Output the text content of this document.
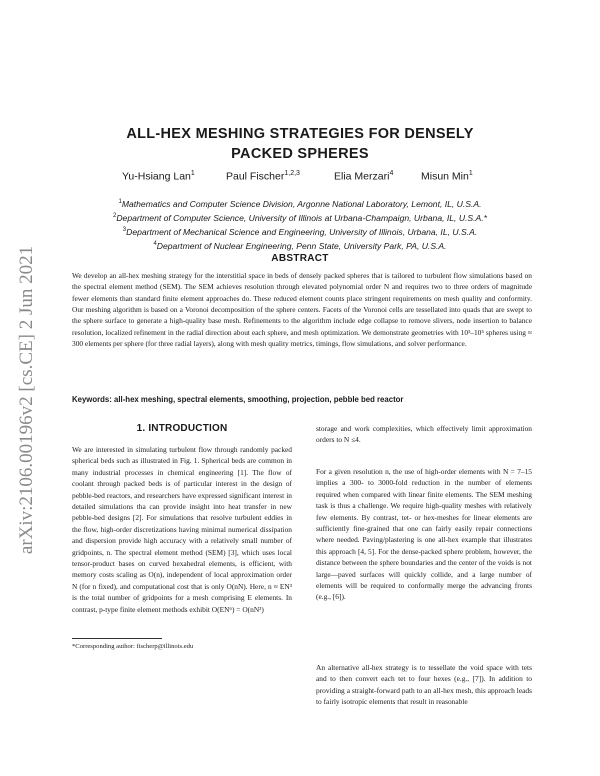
arXiv:2106.00196v2 [cs.CE] 2 Jun 2021
ALL-HEX MESHING STRATEGIES FOR DENSELY
PACKED SPHERES
Yu-Hsiang Lan$^1$	Paul Fischer$^{1,2,3}$	Elia Merzari$^4$	Misun Min$^1$
$^1$Mathematics and Computer Science Division, Argonne National Laboratory, Lemont, IL, U.S.A.
$^2$Department of Computer Science, University of Illinois at Urbana-Champaign, Urbana, IL, U.S.A.*
$^3$Department of Mechanical Science and Engineering, University of Illinois, Urbana, IL, U.S.A.
$^4$Department of Nuclear Engineering, Penn State, University Park, PA, U.S.A.
ABSTRACT
We develop an all-hex meshing strategy for the interstitial space in beds of densely packed spheres that is tailored to turbulent flow simulations based on the spectral element method (SEM). The SEM achieves resolution through elevated polynomial order N and requires two to three orders of magnitude fewer elements than standard finite element approaches do. These reduced element counts place stringent requirements on mesh quality and conformity. Our meshing algorithm is based on a Voronoi decomposition of the sphere centers. Facets of the Voronoi cells are tessellated into quads that are swept to the sphere surface to generate a high-quality base mesh. Refinements to the algorithm include edge collapse to remove slivers, node insertion to balance resolution, localized refinement in the radial direction about each sphere, and mesh optimization. We demonstrate geometries with 10³–10⁵ spheres using ≈ 300 elements per sphere (for three radial layers), along with mesh quality metrics, timings, flow simulations, and solver performance.
Keywords: all-hex meshing, spectral elements, smoothing, projection, pebble bed reactor
1. INTRODUCTION

We are interested in simulating turbulent flow through randomly packed spherical beds such as illustrated in Fig. 1. Spherical beds are common in many industrial processes in chemical engineering [1]. The flow of coolant through packed beds is of particular interest in the design of pebble-bed reactors, and researchers have expressed significant interest in detailed simulations tha can provide insight into heat transfer in new pebble-bed designs [2]. For simulations that resolve turbulent eddies in the flow, high-order discretizations having minimal numerical dissipation and dispersion provide high accuracy with a relatively small number of gridpoints, n. The spectral element method (SEM) [3], which uses local tensor-product bases on curved hexahedral elements, is efficient, with memory costs scaling as O(n), independent of local approximation order N (for n fixed), and computational cost that is only O(nN). Here, n ≈ EN³ is the total number of gridpoints for a mesh comprising E elements. In contrast, p-type finite element methods exhibit O(EN⁶) = O(nN³)

storage and work complexities, which effectively limit approximation orders to N ≤4.

For a given resolution n, the use of high-order elements with N = 7–15 implies a 300- to 3000-fold reduction in the number of elements required when compared with linear finite elements. The SEM meshing task is thus a challenge. We require high-quality meshes with relatively few elements. By contrast, tet- or hex-meshes for linear elements are sufficiently fine-grained that one can fairly easily repair connections where needed. Paving/plastering is one all-hex example that illustrates this approach [4, 5]. For the dense-packed sphere problem, however, the distance between the sphere boundaries and the center of the voids is not large—paved surfaces will quickly collide, and a large number of elements will be required to conformally merge the advancing fronts (e.g., [6]).

An alternative all-hex strategy is to tessellate the void space with tets and to then convert each tet to four hexes (e.g., [7]). In addition to providing a straight-forward path to an all-hex mesh, this approach leads to fairly isotropic elements that result in reasonable

*Corresponding author: fischerp@illinois.edu
